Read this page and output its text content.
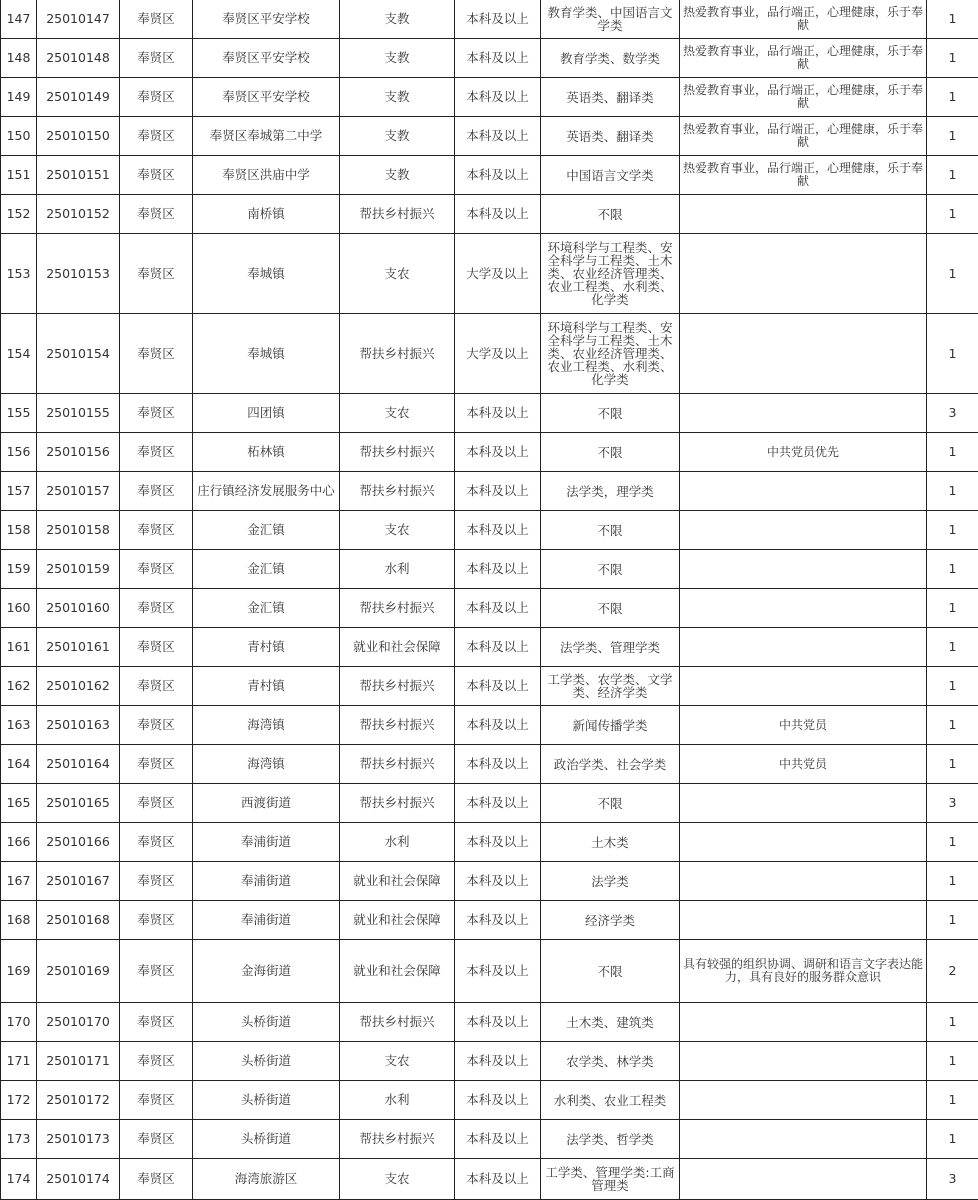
147	25010147	奉贤区	奉贤区平安学校	支教	本科及以上	教育学类、中国语言文学类	热爱教育事业，品行端正，心理健康，乐于奉献	1
148	25010148	奉贤区	奉贤区平安学校	支教	本科及以上	教育学类、数学类	热爱教育事业，品行端正，心理健康，乐于奉献	1
149	25010149	奉贤区	奉贤区平安学校	支教	本科及以上	英语类、翻译类	热爱教育事业，品行端正，心理健康，乐于奉献	1
150	25010150	奉贤区	奉贤区奉城第二中学	支教	本科及以上	英语类、翻译类	热爱教育事业，品行端正，心理健康，乐于奉献	1
151	25010151	奉贤区	奉贤区洪庙中学	支教	本科及以上	中国语言文学类	热爱教育事业，品行端正，心理健康，乐于奉献	1
152	25010152	奉贤区	南桥镇	帮扶乡村振兴	本科及以上	不限		1
153	25010153	奉贤区	奉城镇	支农	大学及以上	环境科学与工程类、安全科学与工程类、土木类、农业经济管理类、农业工程类、水利类、化学类		1
154	25010154	奉贤区	奉城镇	帮扶乡村振兴	大学及以上	环境科学与工程类、安全科学与工程类、土木类、农业经济管理类、农业工程类、水利类、化学类		1
155	25010155	奉贤区	四团镇	支农	本科及以上	不限		3
156	25010156	奉贤区	柘林镇	帮扶乡村振兴	本科及以上	不限	中共党员优先	1
157	25010157	奉贤区	庄行镇经济发展服务中心	帮扶乡村振兴	本科及以上	法学类，理学类		1
158	25010158	奉贤区	金汇镇	支农	本科及以上	不限		1
159	25010159	奉贤区	金汇镇	水利	本科及以上	不限		1
160	25010160	奉贤区	金汇镇	帮扶乡村振兴	本科及以上	不限		1
161	25010161	奉贤区	青村镇	就业和社会保障	本科及以上	法学类、管理学类		1
162	25010162	奉贤区	青村镇	帮扶乡村振兴	本科及以上	工学类、农学类、文学类、经济学类		1
163	25010163	奉贤区	海湾镇	帮扶乡村振兴	本科及以上	新闻传播学类	中共党员	1
164	25010164	奉贤区	海湾镇	帮扶乡村振兴	本科及以上	政治学类、社会学类	中共党员	1
165	25010165	奉贤区	西渡街道	帮扶乡村振兴	本科及以上	不限		3
166	25010166	奉贤区	奉浦街道	水利	本科及以上	土木类		1
167	25010167	奉贤区	奉浦街道	就业和社会保障	本科及以上	法学类		1
168	25010168	奉贤区	奉浦街道	就业和社会保障	本科及以上	经济学类		1
169	25010169	奉贤区	金海街道	就业和社会保障	本科及以上	不限	具有较强的组织协调、调研和语言文字表达能力，具有良好的服务群众意识	2
170	25010170	奉贤区	头桥街道	帮扶乡村振兴	本科及以上	土木类、建筑类		1
171	25010171	奉贤区	头桥街道	支农	本科及以上	农学类、林学类		1
172	25010172	奉贤区	头桥街道	水利	本科及以上	水利类、农业工程类		1
173	25010173	奉贤区	头桥街道	帮扶乡村振兴	本科及以上	法学类、哲学类		1
174	25010174	奉贤区	海湾旅游区	支农	本科及以上	工学类、管理学类:工商管理类		3
